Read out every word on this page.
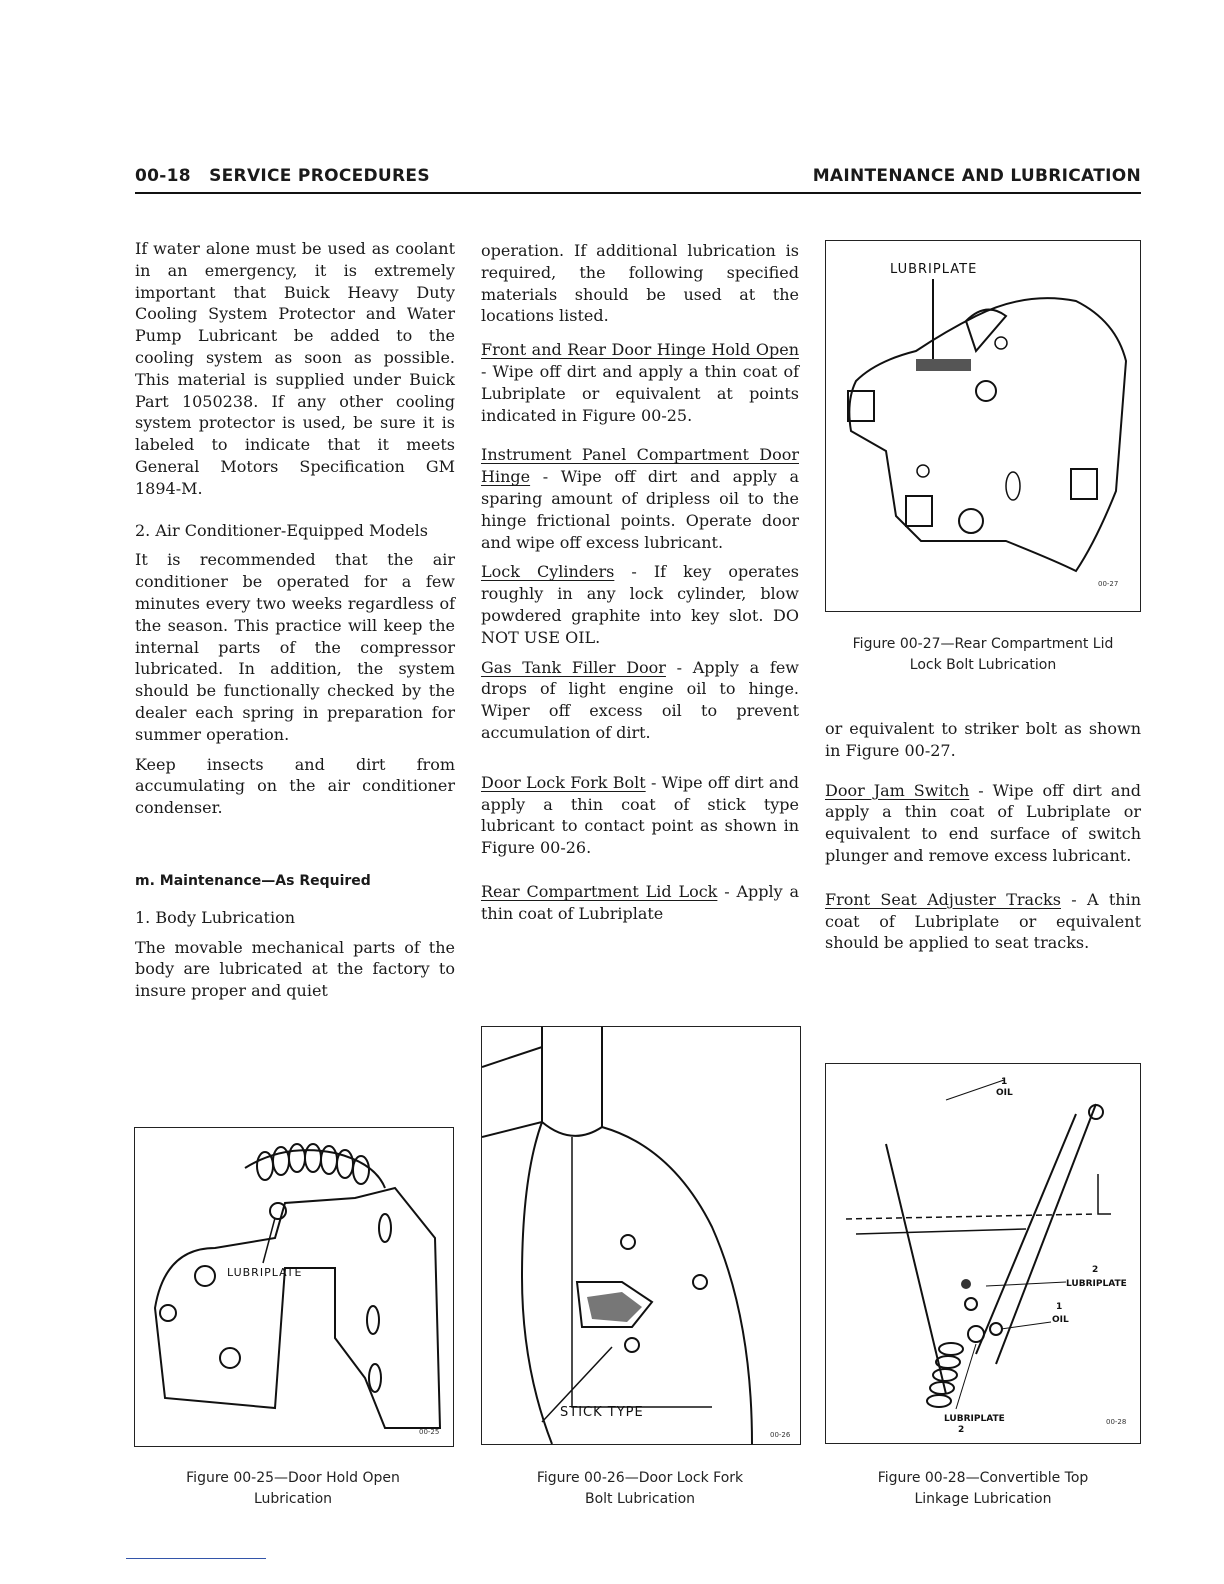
00-18 SERVICE PROCEDURES	MAINTENANCE AND LUBRICATION

If water alone must be used as coolant in an emergency, it is extremely important that Buick Heavy Duty Cooling System Protector and Water Pump Lubricant be added to the cooling system as soon as possible. This material is supplied under Buick Part 1050238. If any other cooling system protector is used, be sure it is labeled to indicate that it meets General Motors Specification GM 1894-M.

2. Air Conditioner-Equipped Models

It is recommended that the air conditioner be operated for a few minutes every two weeks regardless of the season. This practice will keep the internal parts of the compressor lubricated. In addition, the system should be functionally checked by the dealer each spring in preparation for summer operation.

Keep insects and dirt from accumulating on the air conditioner condenser.

m. Maintenance—As Required

1. Body Lubrication

The movable mechanical parts of the body are lubricated at the factory to insure proper and quiet

operation. If additional lubrication is required, the following specified materials should be used at the locations listed.

Front and Rear Door Hinge Hold Open - Wipe off dirt and apply a thin coat of Lubriplate or equivalent at points indicated in Figure 00-25.

Instrument Panel Compartment Door Hinge - Wipe off dirt and apply a sparing amount of dripless oil to the hinge frictional points. Operate door and wipe off excess lubricant.

Lock Cylinders - If key operates roughly in any lock cylinder, blow powdered graphite into key slot. DO NOT USE OIL.

Gas Tank Filler Door - Apply a few drops of light engine oil to hinge. Wiper off excess oil to prevent accumulation of dirt.

Door Lock Fork Bolt - Wipe off dirt and apply a thin coat of stick type lubricant to contact point as shown in Figure 00-26.

Rear Compartment Lid Lock - Apply a thin coat of Lubriplate

or equivalent to striker bolt as shown in Figure 00-27.

Door Jam Switch - Wipe off dirt and apply a thin coat of Lubriplate or equivalent to end surface of switch plunger and remove excess lubricant.

Front Seat Adjuster Tracks - A thin coat of Lubriplate or equivalent should be applied to seat tracks.

LUBRIPLATE
00-27
Figure 00-27—Rear Compartment Lid
Lock Bolt Lubrication
LUBRIPLATE
00-25
Figure 00-25—Door Hold Open
Lubrication
STICK TYPE
00-26
Figure 00-26—Door Lock Fork
Bolt Lubrication
1
OIL
2
LUBRIPLATE
1
OIL
LUBRIPLATE
2
00-28
Figure 00-28—Convertible Top
Linkage Lubrication
